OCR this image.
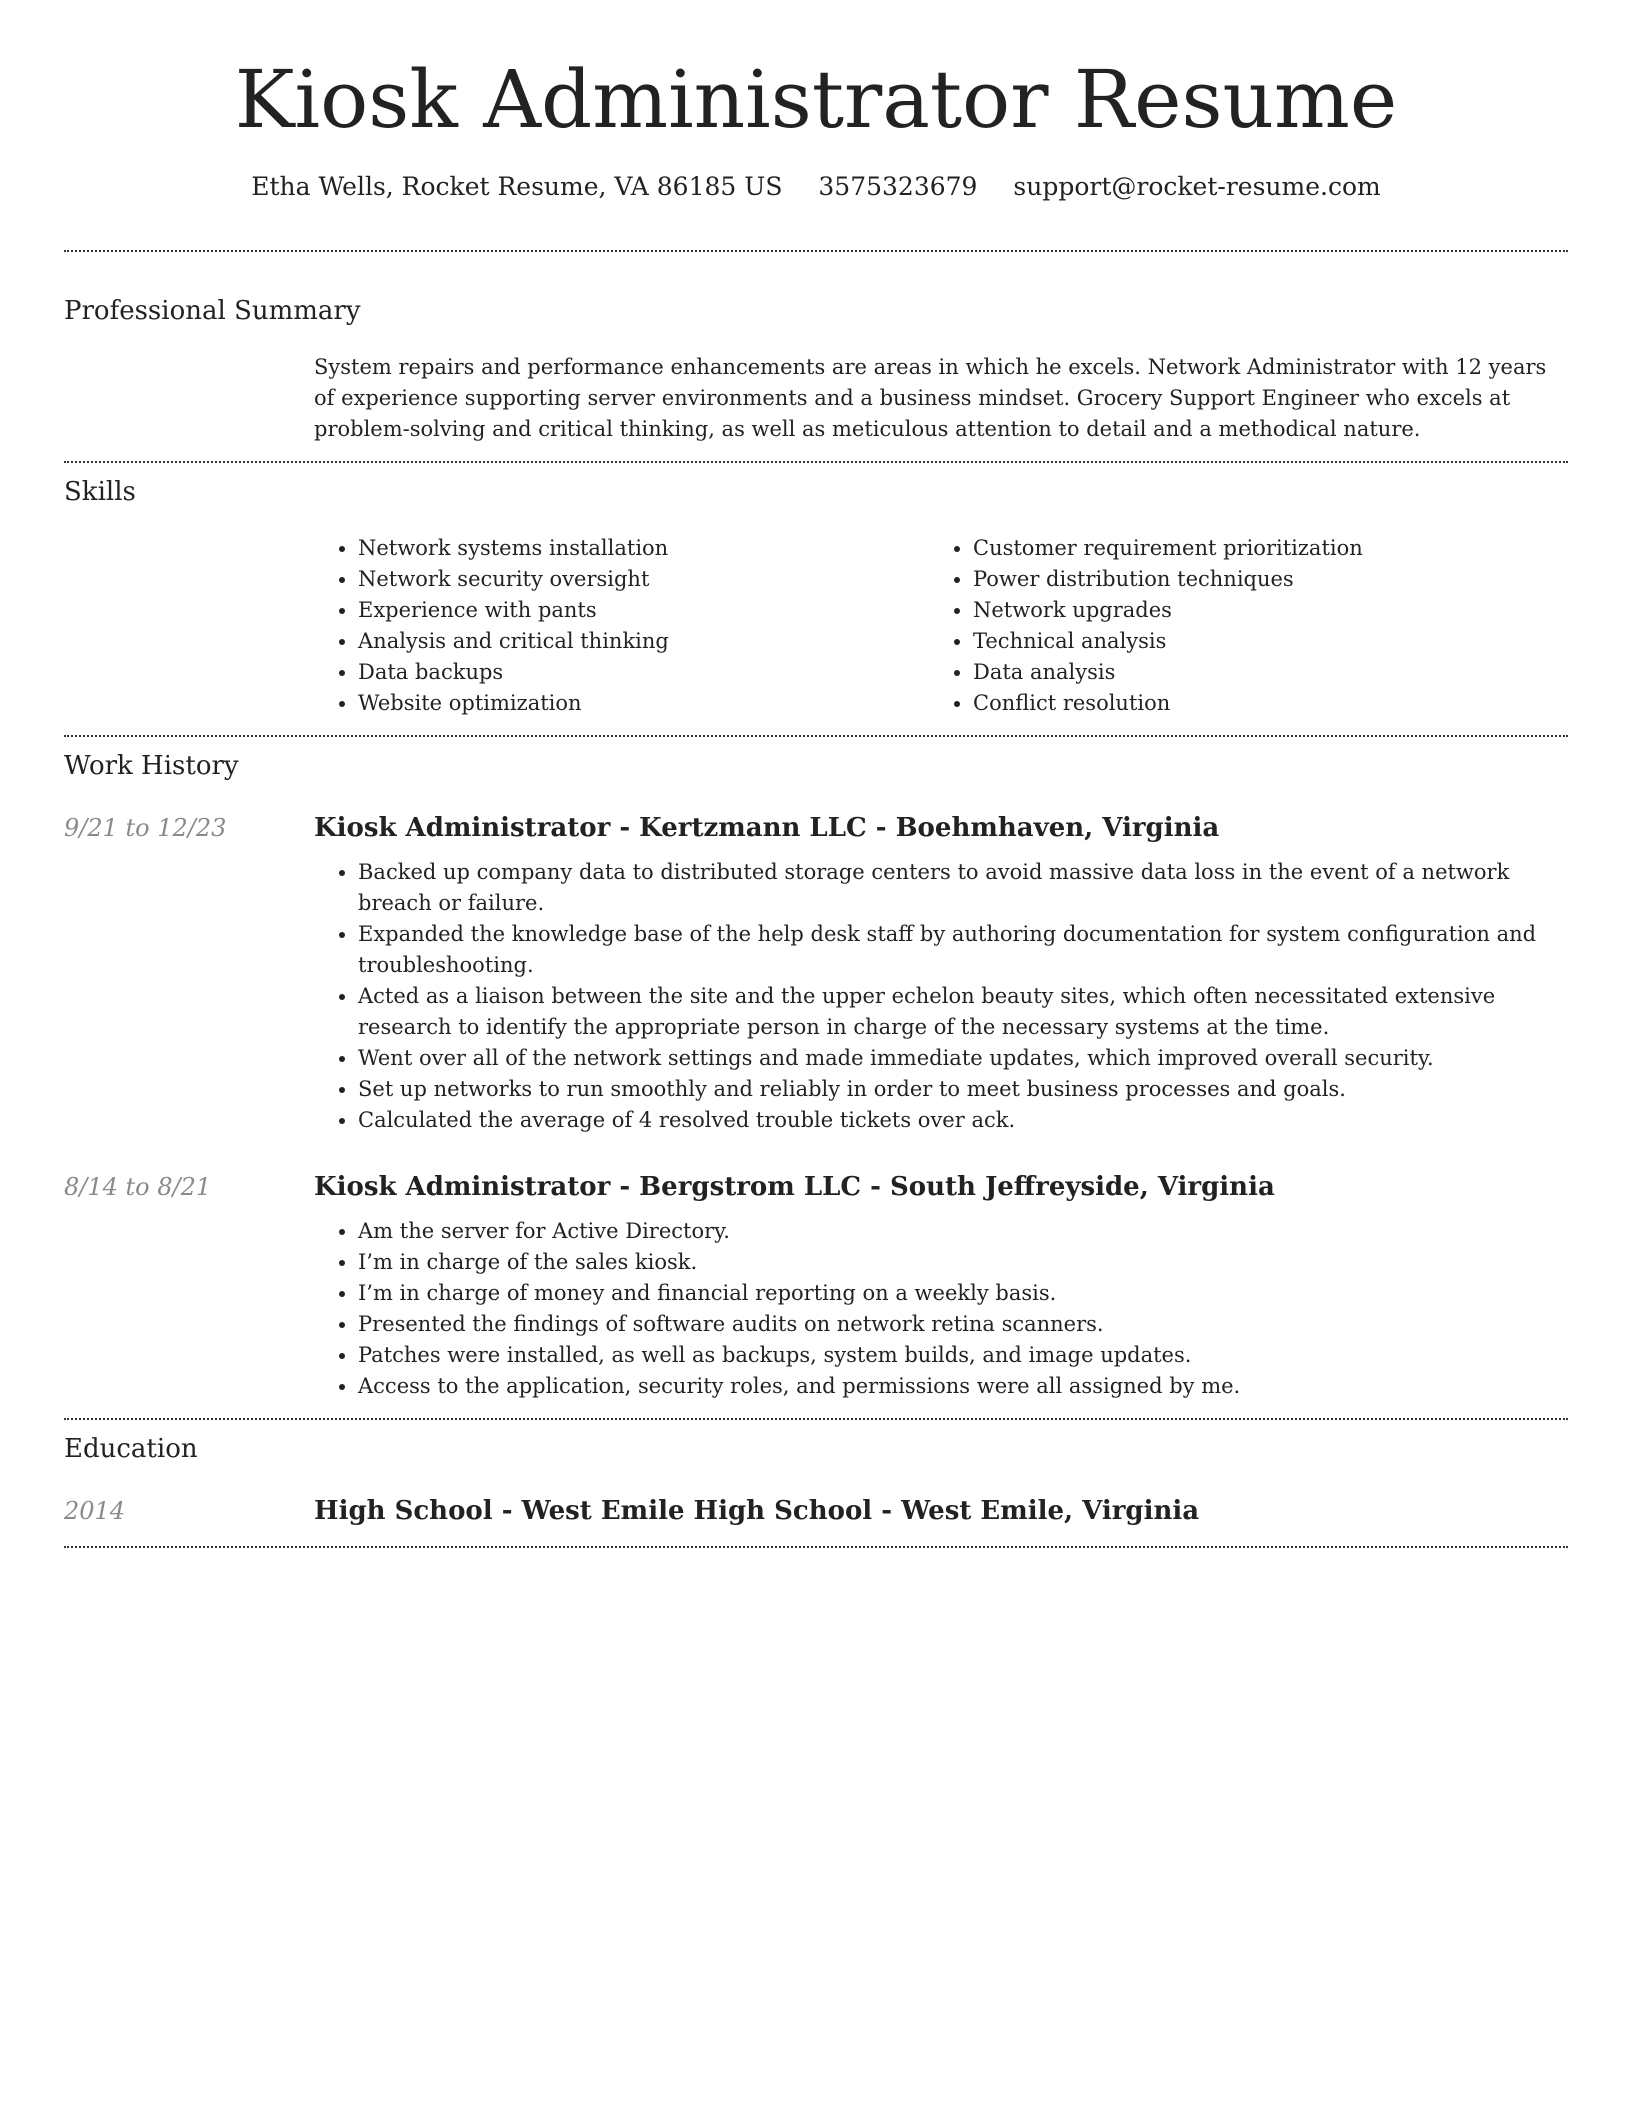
Kiosk Administrator Resume
Etha Wells, Rocket Resume, VA 86185 US 3575323679 support@rocket-resume.com
Professional Summary

System repairs and performance enhancements are areas in which he excels. Network Administrator with 12 years of experience supporting server environments and a business mindset. Grocery Support Engineer who excels at problem-solving and critical thinking, as well as meticulous attention to detail and a methodical nature.

Skills
• Network systems installation
• Network security oversight
• Experience with pants
• Analysis and critical thinking
• Data backups
• Website optimization
• Customer requirement prioritization
• Power distribution techniques
• Network upgrades
• Technical analysis
• Data analysis
• Conflict resolution
Work History
9/21 to 12/23	Kiosk Administrator - Kertzmann LLC - Boehmhaven, Virginia
• Backed up company data to distributed storage centers to avoid massive data loss in the event of a network breach or failure.
• Expanded the knowledge base of the help desk staff by authoring documentation for system configuration and troubleshooting.
• Acted as a liaison between the site and the upper echelon beauty sites, which often necessitated extensive research to identify the appropriate person in charge of the necessary systems at the time.
• Went over all of the network settings and made immediate updates, which improved overall security.
• Set up networks to run smoothly and reliably in order to meet business processes and goals.
• Calculated the average of 4 resolved trouble tickets over ack.
8/14 to 8/21	Kiosk Administrator - Bergstrom LLC - South Jeffreyside, Virginia
• Am the server for Active Directory.
• I’m in charge of the sales kiosk.
• I’m in charge of money and financial reporting on a weekly basis.
• Presented the findings of software audits on network retina scanners.
• Patches were installed, as well as backups, system builds, and image updates.
• Access to the application, security roles, and permissions were all assigned by me.
Education
2014	High School - West Emile High School - West Emile, Virginia
